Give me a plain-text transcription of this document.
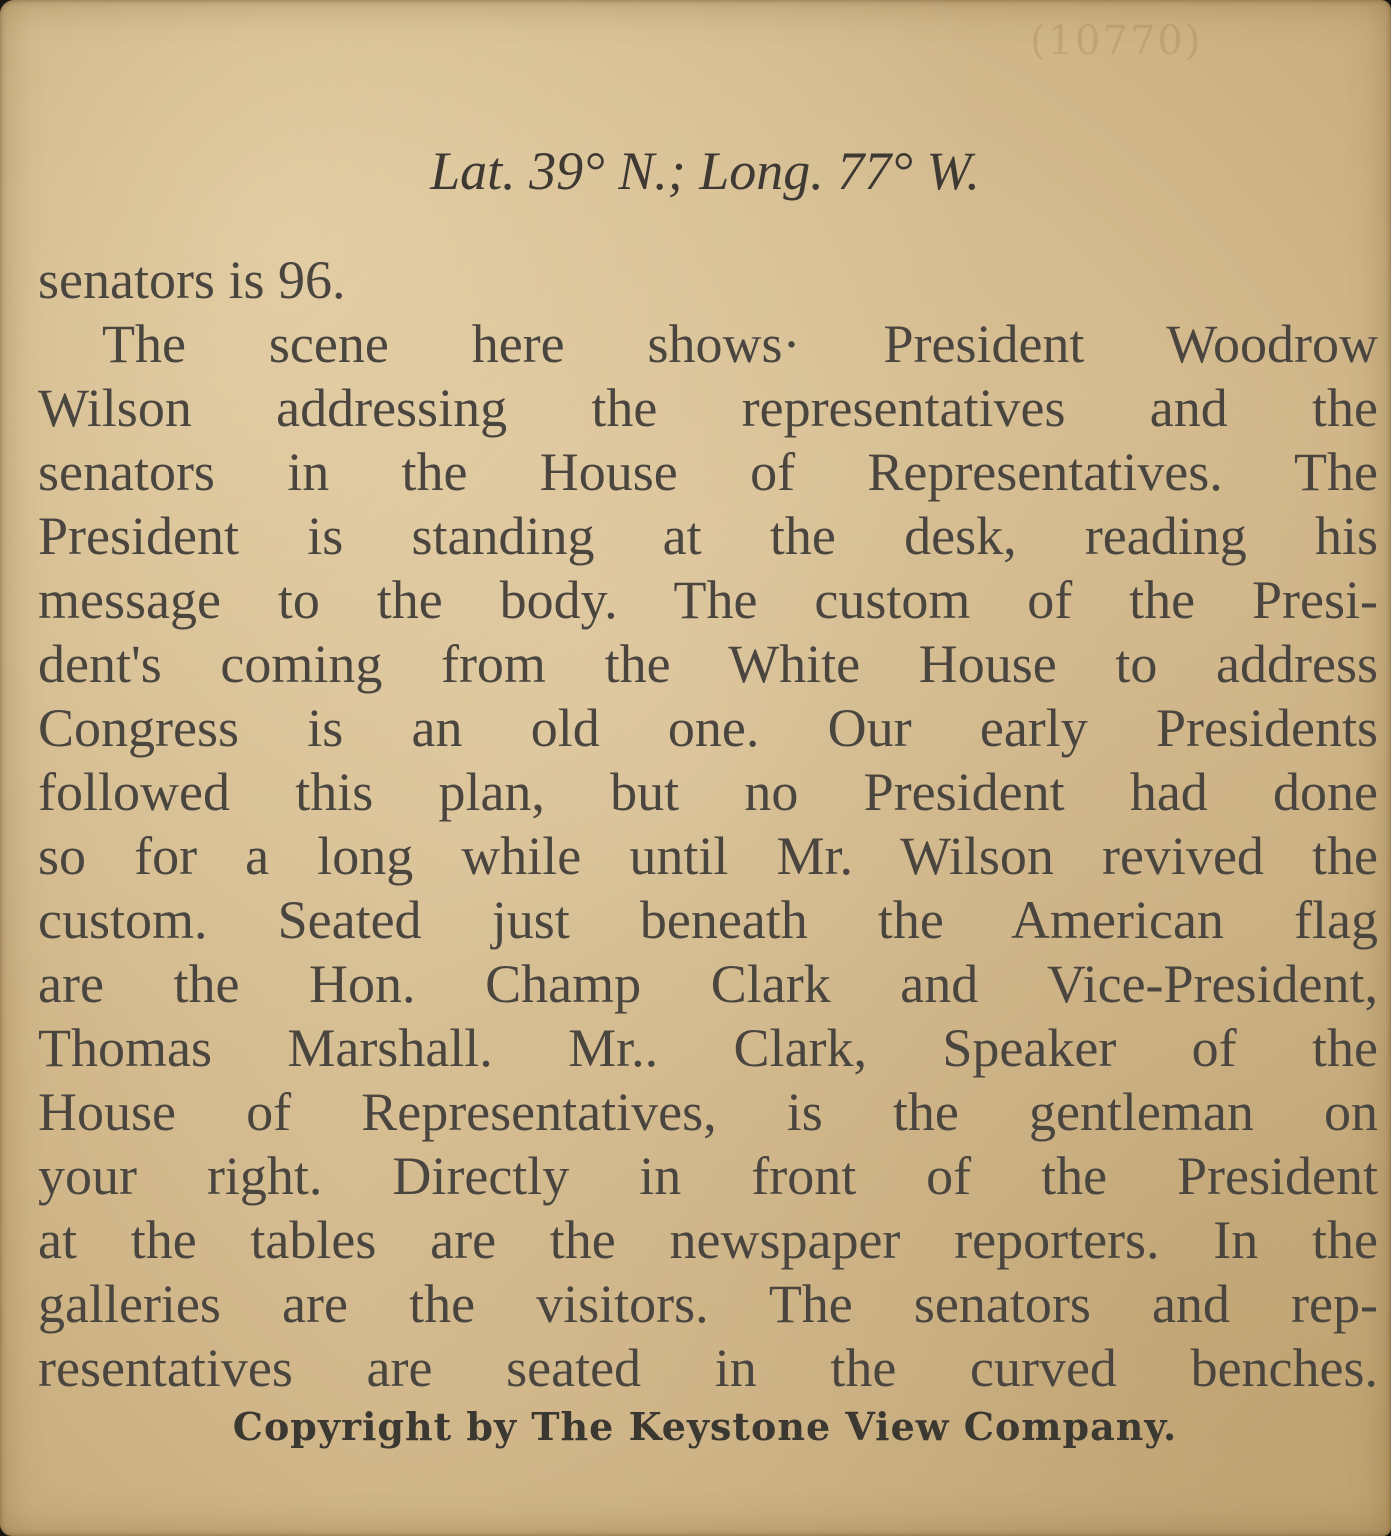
(10770)
Lat. 39° N.; Long. 77° W.
senators is 96.
The scene here shows· President Woodrow
Wilson addressing the representatives and the
senators in the House of Representatives. The
President is standing at the desk, reading his
message to the body. The custom of the Presi-
dent's coming from the White House to address
Congress is an old one. Our early Presidents
followed this plan, but no President had done
so for a long while until Mr. Wilson revived the
custom. Seated just beneath the American flag
are the Hon. Champ Clark and Vice-President,
Thomas Marshall. Mr.. Clark, Speaker of the
House of Representatives, is the gentleman on
your right. Directly in front of the President
at the tables are the newspaper reporters. In the
galleries are the visitors. The senators and rep-
resentatives are seated in the curved benches.
Copyright by The Keystone View Company.
